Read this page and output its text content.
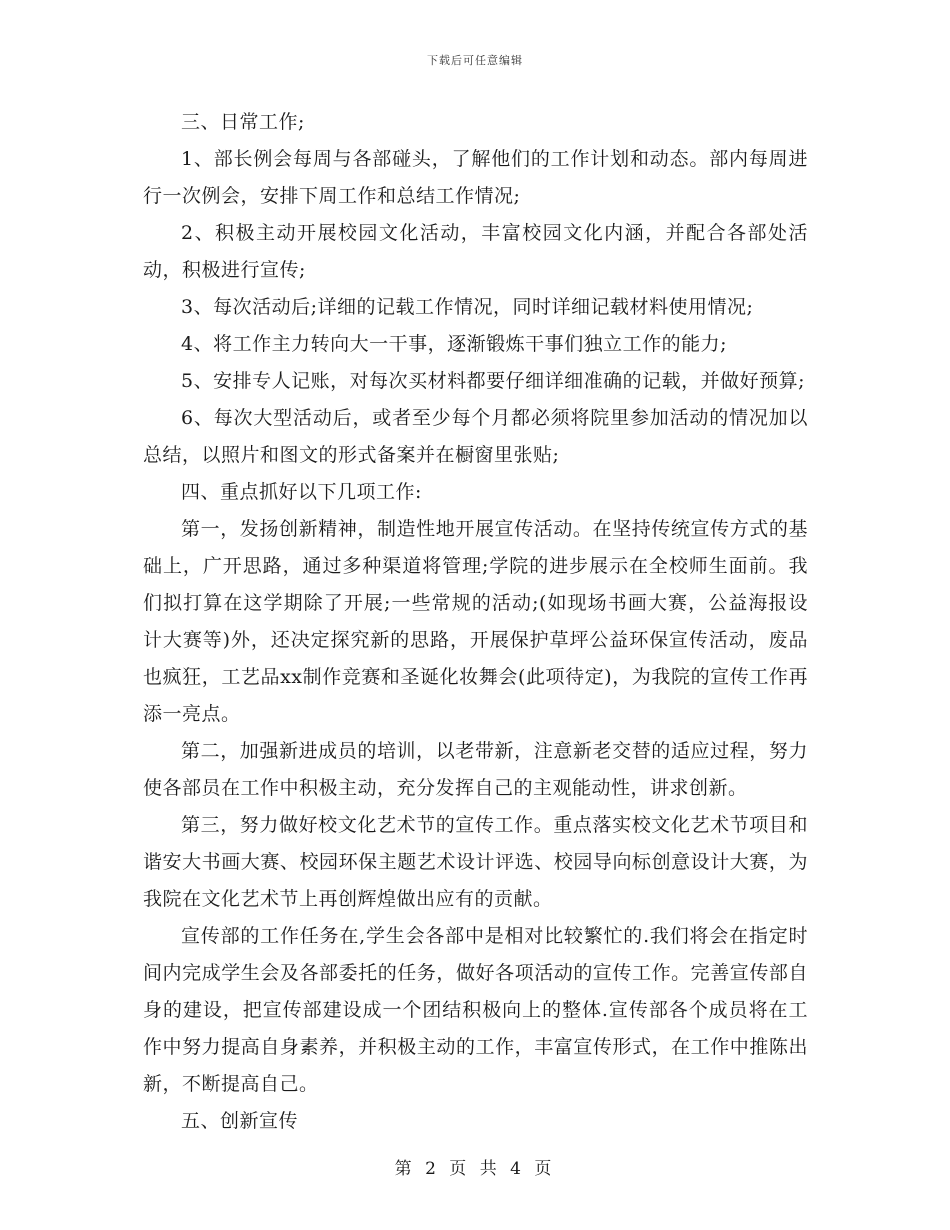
下载后可任意编辑

三、日常工作;

1、部长例会每周与各部碰头，了解他们的工作计划和动态。部内每周进行一次例会，安排下周工作和总结工作情况;

2、积极主动开展校园文化活动，丰富校园文化内涵，并配合各部处活动，积极进行宣传;

3、每次活动后;详细的记载工作情况，同时详细记载材料使用情况;

4、将工作主力转向大一干事，逐渐锻炼干事们独立工作的能力;

5、安排专人记账，对每次买材料都要仔细详细准确的记载，并做好预算;

6、每次大型活动后，或者至少每个月都必须将院里参加活动的情况加以总结，以照片和图文的形式备案并在橱窗里张贴;

四、重点抓好以下几项工作:

第一，发扬创新精神，制造性地开展宣传活动。在坚持传统宣传方式的基础上，广开思路，通过多种渠道将管理;学院的进步展示在全校师生面前。我们拟打算在这学期除了开展;一些常规的活动;(如现场书画大赛，公益海报设计大赛等)外，还决定探究新的思路，开展保护草坪公益环保宣传活动，废品也疯狂，工艺品xx制作竞赛和圣诞化妆舞会(此项待定)，为我院的宣传工作再添一亮点。

第二，加强新进成员的培训，以老带新，注意新老交替的适应过程，努力使各部员在工作中积极主动，充分发挥自己的主观能动性，讲求创新。

第三，努力做好校文化艺术节的宣传工作。重点落实校文化艺术节项目和谐安大书画大赛、校园环保主题艺术设计评选、校园导向标创意设计大赛，为我院在文化艺术节上再创辉煌做出应有的贡献。

宣传部的工作任务在,学生会各部中是相对比较繁忙的.我们将会在指定时间内完成学生会及各部委托的任务，做好各项活动的宣传工作。完善宣传部自身的建设，把宣传部建设成一个团结积极向上的整体.宣传部各个成员将在工作中努力提高自身素养，并积极主动的工作，丰富宣传形式，在工作中推陈出新，不断提高自己。

五、创新宣传

第 2 页 共 4 页
